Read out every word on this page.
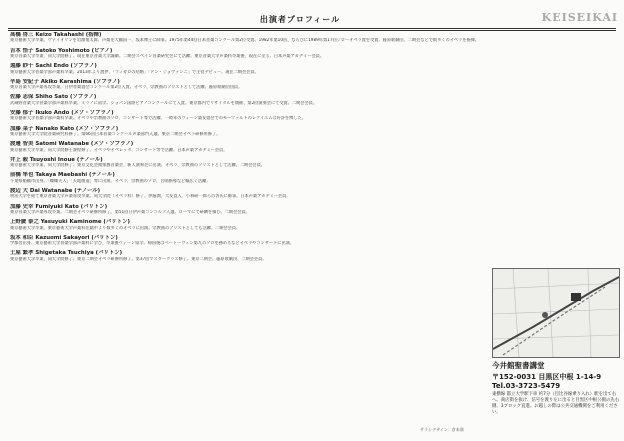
出演者プロフィール	KEISEIKAI
高橋 啓三 Keizo Takahashi (指揮)
東京藝術大学卒業。ヴァイオリンを岩淵竜太郎、声楽を大橋国一、坂本博士に師事。1975年第44回日本音楽コンクール第2位受賞。1982年第10回、ならびに1989年第17回ジローオペラ賞を受賞。藤原歌劇団、二期会などで数多くのオペラを指揮。
吉本 悟子 Satoko Yoshimoto (ピアノ)
東京音楽大学卒業、同大学院修了。現在東京音楽大学講師。二期会スペイン音楽研究会にて活躍。東京音楽大学声楽科卒業後、現在に至る。日本声楽アカデミー会員。
遠藤 紗千 Sachi Endo (ソプラノ)
東京藝術大学音楽学部声楽科卒業。2013年より渡伊、「フィガロの結婚」「ドン・ジョヴァンニ」で主役デビュー。現在二期会会員。
辛島 安紀子 Akiko Karashima (ソプラノ)
東京音楽大学声楽専攻卒業。日伊音楽協会コンクール第2位入賞。オペラ、宗教曲のソリストとして活躍。藤原歌劇団団員。
佐藤 志保 Shiho Sato (ソプラノ)
武蔵野音楽大学音楽学部声楽科卒業。ミラノに留学。ショパン国際ピアノコンクールにて入賞。東京都内でリサイタルを開催、第2回演奏会にて受賞。二期会会員。
安藤 郁子 Ikuko Ando (メゾ・ソプラノ)
東京藝術大学音楽学部声楽科卒業。オペラや宗教曲のソロ、コンサート等で活躍。一時年のウィーン楽友協会でのモーツァルトのレクイエムは好評を博した。
加藤 菜子 Nanako Kato (メゾ・ソプラノ)
東京藝術大学大学院音楽研究科修了。第66回日本音楽コンクール声楽部門入選。東京二期会オペラ研修所修了。
渡邊 智美 Satomi Watanabe (メゾ・ソプラノ)
東京藝術大学卒業、同大学院修士課程修了。オペラやオペレッタ、コンサート等で活躍。日本声楽アカデミー会員。
井上 毅 Tsuyoshi Inoue (テノール)
東京藝術大学卒業、同大学院修了。東京文化会館推薦音楽会、新人演奏会に出演。オペラ、宗教曲のソリストとして活躍。二期会会員。
前橋 隼也 Takaya Maebashi (テノール)
千葉県船橋市出身。「蝶蝶夫人」「天地創造」等に出演。オペラ、宗教曲のソロ、合唱指導など幅広く活躍。
渡辺 大 Dai Watanabe (テノール)
明治大学を経て東京音楽大学声楽専攻卒業。同大学院（オペラ科）修了。伊藤潤、大友直人、小林研一郎らの各氏に師事。日本声楽アカデミー会員。
加藤 史幸 Fumiyuki Kato (バリトン)
東京音楽大学声楽専攻卒業。二期会オペラ研修所修了。第51回日伊声楽コンコルソ入選。ローマにて研鑽を積む。二期会会員。
上野廣 泰之 Yasuyuki Kaminome (バリトン)
東京藝術大学卒業。東京藝術大学声楽科在籍中より数多くのオペラに出演。宗教曲のソリストとしても活躍。二期会会員。
坂本 和臣 Kazuomi Sakayori (バリトン)
宇都宮出身。東京藝術大学音楽学部声楽科に学び、卒業後ウィーン留学。帰国後はベートーヴェン第九のソロを務めるなどオペラやコンサートに出演。
土屋 繁孝 Shigetaka Tsuchiya (バリトン)
東京藝術大学卒業、同大学院修了。東京二期会オペラ研修所修了。第37回マスタークラス修了。東京二期会、藤原歌劇団、二期会会員。
サラシデザイン：倉本満
今井館聖書講堂
〒152-0031 目黒区中根 1-14-9
Tel.03-3723-5479
東横線 都立大学駅下車 約7分（目比谷線乗り入れ）駅を出て右へ。商店街を抜け、信号を渡り左に出ると目黒区中根公園の先右側、3ブロック直進。お越しの際は公共交通機関をご利用ください。
